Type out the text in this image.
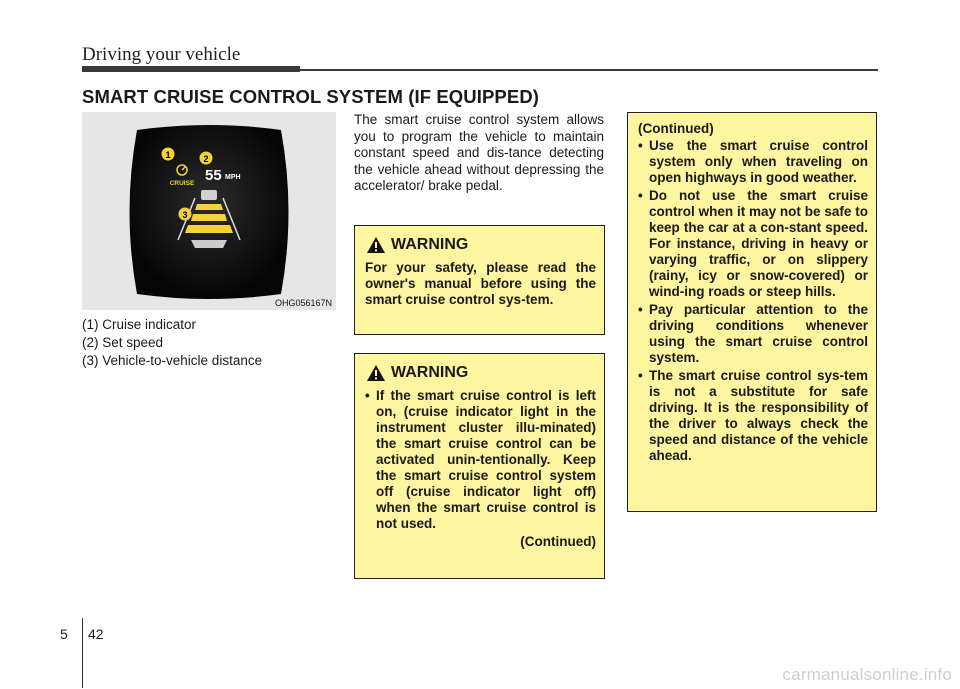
Driving your vehicle
SMART CRUISE CONTROL SYSTEM (IF EQUIPPED)
CRUISE 55 MPH
1	2
3
OHG056167N
(1) Cruise indicator
(2) Set speed
(3) Vehicle-to-vehicle distance
The smart cruise control system allows you to program the vehicle to maintain constant speed and dis-tance detecting the vehicle ahead without depressing the accelerator/ brake pedal.
WARNING
For your safety, please read the owner's manual before using the smart cruise control sys-tem.
WARNING
• If the smart cruise control is left on, (cruise indicator light in the instrument cluster illu-minated) the smart cruise control can be activated unin-tentionally. Keep the smart cruise control system off (cruise indicator light off) when the smart cruise control is not used.
(Continued)
(Continued)
• Use the smart cruise control system only when traveling on open highways in good weather.
• Do not use the smart cruise control when it may not be safe to keep the car at a con-stant speed. For instance, driving in heavy or varying traffic, or on slippery (rainy, icy or snow-covered) or wind-ing roads or steep hills.
• Pay particular attention to the driving conditions whenever using the smart cruise control system.
• The smart cruise control sys-tem is not a substitute for safe driving. It is the responsibility of the driver to always check the speed and distance of the vehicle ahead.
5 42
carmanualsonline.info
